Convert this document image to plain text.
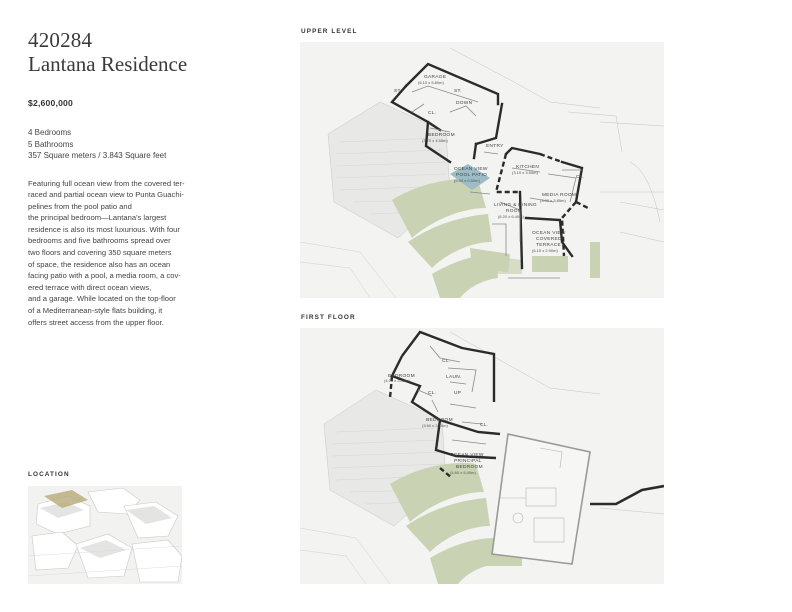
420284
Lantana Residence
$2,600,000
4 Bedrooms
5 Bathrooms
357 Square meters / 3.843 Square feet
Featuring full ocean view from the covered ter-
raced and partial ocean view to Punta Guachi-
pelines from the pool patio and
the principal bedroom—Lantana's largest
residence is also its most luxurious. With four
bedrooms and five bathrooms spread over
two floors and covering 350 square meters
of space, the residence also has an ocean
facing patio with a pool, a media room, a cov-
ered terrace with direct ocean views,
and a garage. While located on the top-floor
of a Mediterranean-style flats building, it
offers street access from the upper floor.
LOCATION
UPPER LEVEL
GARAGE
(6.10 x 5.80m)
ST.	ST.
DOWN
CL.
BEDROOM
(3.70 x 4.55m)
ENTRY
OCEAN VIEW
POOL PATIO
(5.90 x 6.50m)
KITCHEN
(3.10 x 3.50m)
CL.
MEDIA ROOM
(3.00 x 3.85m)
LIVING & DINING
ROOM
(6.20 x 6.40m)
OCEAN VIEW
COVERED
TERRACE
(6.15 x 2.90m)
FIRST FLOOR
CL.
BEDROOM
(4.05 x 3.45m)
LAUN.
CL.	UP
BEDROOM
(3.60 x 3.40m)	CL.
OCEAN VIEW
PRINCIPAL
BEDROOM
(4.60 x 5.40m)
